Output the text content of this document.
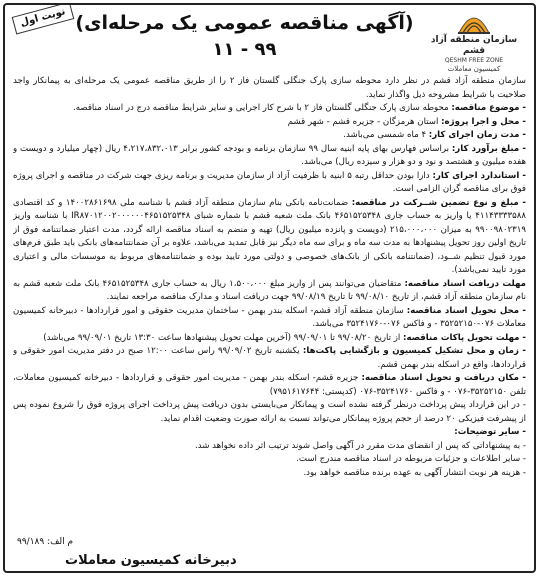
نوبت اول (آگهی مناقصه عمومی یک مرحله‌ای)
۱۱ - ۹۹	سازمان منطقه آزاد قشم
QESHM FREE ZONE
کمیسیون معاملات

سازمان منطقه آزاد قشم در نظر دارد محوطه سازی پارک جنگلی گلستان فاز ۲ را از طریق مناقصه عمومی یک مرحله‌ای به پیمانکار واجد صلاحیت با شرایط مشروحه ذیل واگذار نماید.

- موضوع مناقصه: محوطه سازی پارک جنگلی گلستان فاز ۲ با شرح کار اجرایی و سایر شرایط مناقصه درج در اسناد مناقصه.

- محل و اجرا پروژه: استان هرمزگان - جزیره قشم - شهر قشم

- مدت زمان اجرای کار: ۴ ماه شمسی می‌باشد.

- مبلغ برآورد کار: براساس فهارس بهای پایه ابنیه سال ۹۹ سازمان برنامه و بودجه کشور برابر ۴،۲۱۷،۸۳۲،۰۱۳ ریال (چهار میلیارد و دویست و هفده میلیون و هشتصد و نود و دو هزار و سیزده ریال) می‌باشد.

- استاندارد اجرای کار: دارا بودن حداقل رتبه ۵ ابنیه با ظرفیت آزاد از سازمان مدیریت و برنامه ریزی جهت شرکت در مناقصه و اجرای پروژه فوق برای مناقصه گران الزامی است.

- مبلغ و نوع تضمین شــرکت در مناقصه: ضمانت‌نامه بانکی بنام سازمان منطقه آزاد قشم با شناسه ملی ۱۴۰۰۲۸۶۱۶۹۸ و کد اقتصادی ۴۱۱۴۳۳۳۳۵۸۸ یا واریز به حساب جاری ۴۶۵۱۵۲۵۳۴۸ بانک ملت شعبه قشم با شماره شبای IR۸۷۰۱۲۰۰۲۰۰۰۰۰۰۴۶۵۱۵۲۵۳۴۸ با شناسه واریز ۹۹۰۰۹۸۰۲۳۱۹ به میزان ۲۱۵،۰۰۰،۰۰۰ (دویست و پانزده میلیون ریال) تهیه و منضم به اسناد مناقصه ارائه گردد، مدت اعتبار ضمانتنامه فوق از تاریخ اولین روز تحویل پیشنهادها به مدت سه ماه و برای سه ماه دیگر نیز قابل تمدید می‌باشد، علاوه بر آن ضمانتنامه‌های بانکی باید طبق فرم‌های مورد قبول تنظیم شــود، (ضمانتنامه بانکی از بانک‌های خصوصی و دولتی مورد تایید بوده و ضمانتنامه‌های مربوط به موسسات مالی و اعتباری مورد تایید نمی‌باشد).

مهلت دریافت اسناد مناقصه: متقاضیان می‌توانند پس از واریز مبلغ ۱،۵۰۰،۰۰۰ ریال به حساب جاری ۴۶۵۱۵۲۵۳۴۸ بانک ملت شعبه قشم به نام سازمان منطقه آزاد قشم، از تاریخ ۹۹/۰۸/۱۰ تا تاریخ ۹۹/۰۸/۱۹ جهت دریافت اسناد و مدارک مناقصه مراجعه نمایند.

- محل تحویل اسناد مناقصه: سازمان منطقه آزاد قشم- اسکله بندر بهمن - ساختمان مدیریت حقوقی و امور قراردادها - دبیرخانه کمیسیون معاملات ۰۷۶-۳۵۲۵۲۱۵۰ - و فاکس ۰۷۶-۳۵۲۴۱۷۶۰ می‌باشد.

- مهلت تحویل پاکات مناقصه: از تاریخ ۹۹/۰۸/۲۰ تا ۹۹/۰۹/۰۱ (آخرین مهلت تحویل پیشنهادها ساعت ۱۳:۳۰ تاریخ ۹۹/۰۹/۰۱ می‌باشد)

- زمان و محل تشکیل کمیسیون و بازگشایی پاکت‌ها: یکشنبه تاریخ ۹۹/۰۹/۰۲ راس ساعت ۱۲:۰۰ صبح در دفتر مدیریت امور حقوقی و قراردادها، واقع در اسکله بندر بهمن قشم.

- مکان دریافت و تحویل اسناد مناقصه: جزیره قشم- اسکله بندر بهمن - مدیریت امور حقوقی و قراردادها - دبیرخانه کمیسیون معاملات، تلفن ۳۵۲۵۲۱۵۰-۰۷۶ - و فاکس ۳۵۲۴۱۷۶۰-۰۷۶ (کدپستی: ۷۹۵۱۶۱۷۶۴۴)

- در این قرارداد پیش پرداخت درنظر گرفته نشده است و پیمانکار می‌بایستی بدون دریافت پیش پرداخت اجرای پروژه فوق را شروع نموده پس از پیشرفت فیزیکی ۲۰ درصد از حجم پروژه پیمانکار می‌تواند نسبت به ارائه صورت وضعیت اقدام نماید.

- سایر توضیحات:

- به پیشنهاداتی که پس از انقضای مدت مقرر در آگهی واصل شوند ترتیب اثر داده نخواهد شد.

- سایر اطلاعات و جزئیات مربوطه در اسناد مناقصه مندرج است.

- هزینه هر نوبت انتشار آگهی به عهده برنده مناقصه خواهد بود.

م الف: ۹۹/۱۸۹
دبیرخانه کمیسیون معاملات
